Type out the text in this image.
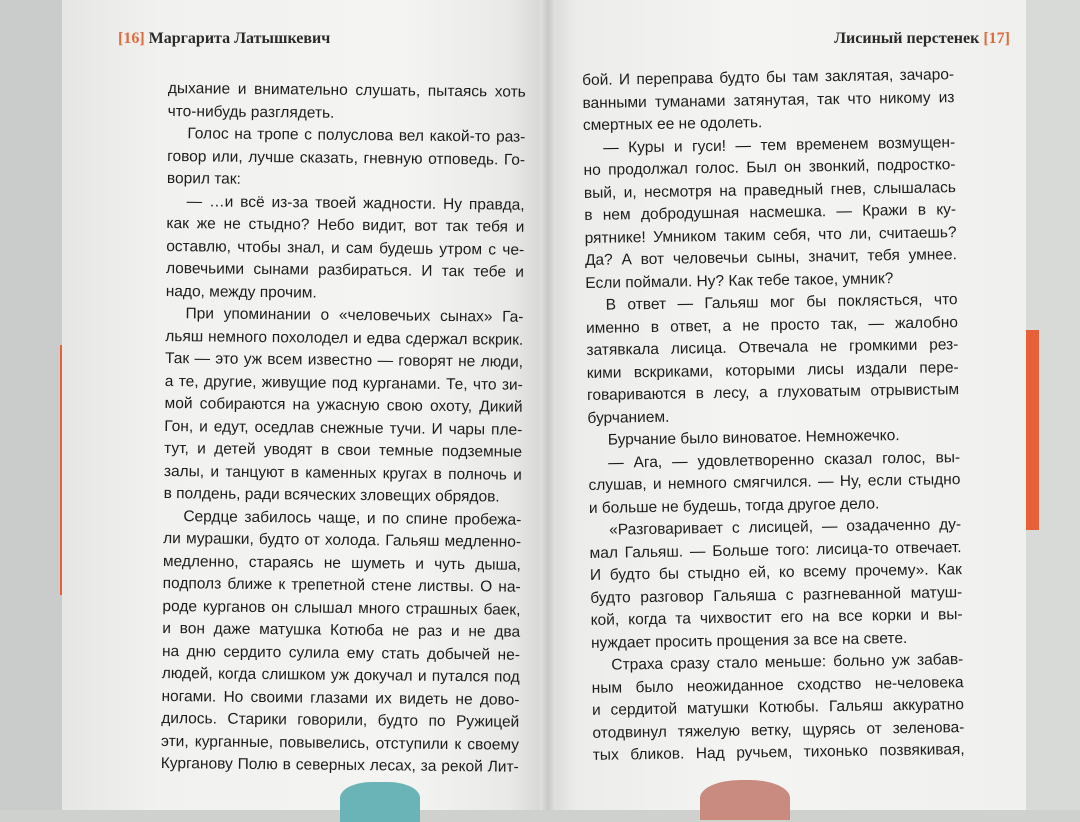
[16] Маргарита Латышкевич	Лисиный перстенек [17]
дыхание и внимательно слушать, пытаясь хоть
что-нибудь разглядеть.
Голос на тропе с полуслова вел какой-то раз-
говор или, лучше сказать, гневную отповедь. Го-
ворил так:
— …и всё из-за твоей жадности. Ну правда,
как же не стыдно? Небо видит, вот так тебя и
оставлю, чтобы знал, и сам будешь утром с че-
ловечьими сынами разбираться. И так тебе и
надо, между прочим.
При упоминании о «человечьих сынах» Га-
льяш немного похолодел и едва сдержал вскрик.
Так — это уж всем известно — говорят не люди,
а те, другие, живущие под курганами. Те, что зи-
мой собираются на ужасную свою охоту, Дикий
Гон, и едут, оседлав снежные тучи. И чары пле-
тут, и детей уводят в свои темные подземные
залы, и танцуют в каменных кругах в полночь и
в полдень, ради всяческих зловещих обрядов.
Сердце забилось чаще, и по спине пробежа-
ли мурашки, будто от холода. Гальяш медленно-
медленно, стараясь не шуметь и чуть дыша,
подполз ближе к трепетной стене листвы. О на-
роде курганов он слышал много страшных баек,
и вон даже матушка Котюба не раз и не два
на дню сердито сулила ему стать добычей не-
людей, когда слишком уж докучал и путался под
ногами. Но своими глазами их видеть не дово-
дилось. Старики говорили, будто по Ружицей
эти, курганные, повывелись, отступили к своему
Курганову Полю в северных лесах, за рекой Лит-
бой. И переправа будто бы там заклятая, зачаро-
ванными туманами затянутая, так что никому из
смертных ее не одолеть.
— Куры и гуси! — тем временем возмущен-
но продолжал голос. Был он звонкий, подростко-
вый, и, несмотря на праведный гнев, слышалась
в нем добродушная насмешка. — Кражи в ку-
рятнике! Умником таким себя, что ли, считаешь?
Да? А вот человечьи сыны, значит, тебя умнее.
Если поймали. Ну? Как тебе такое, умник?
В ответ — Гальяш мог бы поклясться, что
именно в ответ, а не просто так, — жалобно
затявкала лисица. Отвечала не громкими рез-
кими вскриками, которыми лисы издали пере-
говариваются в лесу, а глуховатым отрывистым
бурчанием.
Бурчание было виноватое. Немножечко.
— Ага, — удовлетворенно сказал голос, вы-
слушав, и немного смягчился. — Ну, если стыдно
и больше не будешь, тогда другое дело.
«Разговаривает с лисицей, — озадаченно ду-
мал Гальяш. — Больше того: лисица-то отвечает.
И будто бы стыдно ей, ко всему прочему». Как
будто разговор Гальяша с разгневанной матуш-
кой, когда та чихвостит его на все корки и вы-
нуждает просить прощения за все на свете.
Страха сразу стало меньше: больно уж забав-
ным было неожиданное сходство не-человека
и сердитой матушки Котюбы. Гальяш аккуратно
отодвинул тяжелую ветку, щурясь от зеленова-
тых бликов. Над ручьем, тихонько позвякивая,
